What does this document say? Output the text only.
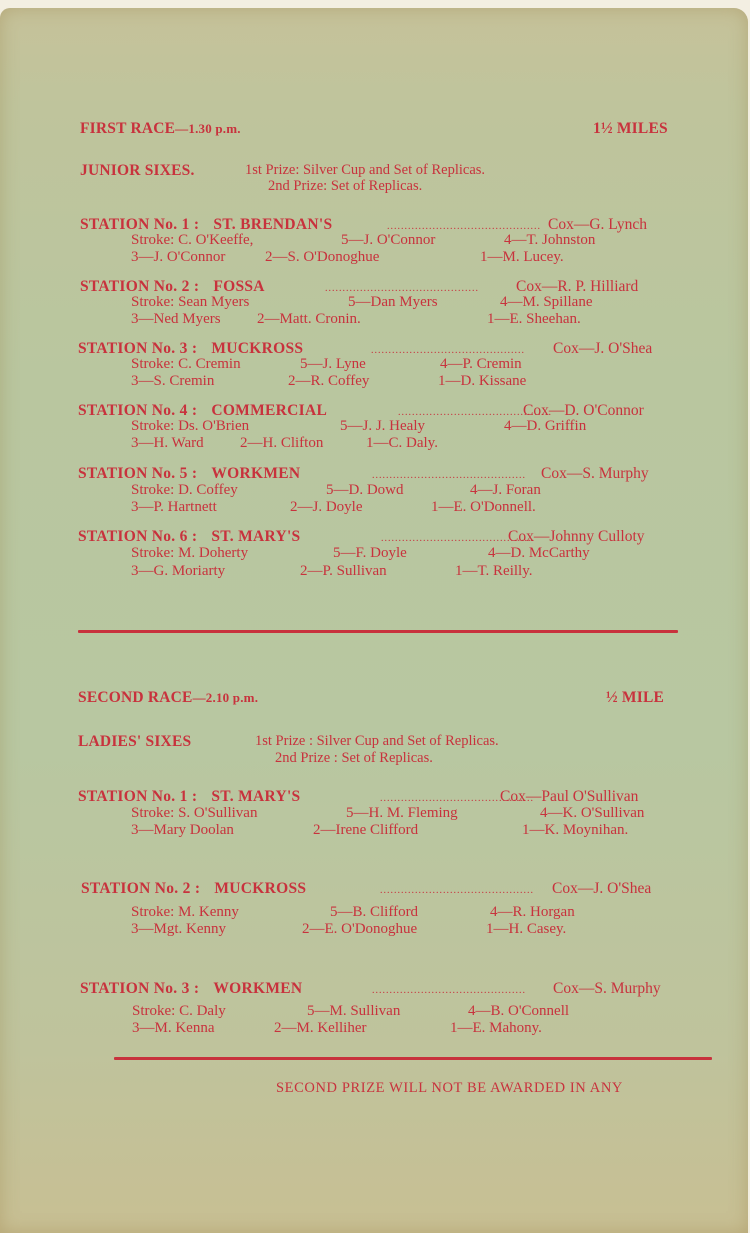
FIRST RACE—1.30 p.m.	1½ MILES
JUNIOR SIXES.	1st Prize: Silver Cup and Set of Replicas.
2nd Prize: Set of Replicas.
STATION No. 1 : ST. BRENDAN'S	............................................ Cox—G. Lynch
Stroke: C. O'Keeffe,	5—J. O'Connor	4—T. Johnston
3—J. O'Connor	2—S. O'Donoghue	1—M. Lucey.
STATION No. 2 : FOSSA	............................................ Cox—R. P. Hilliard
Stroke: Sean Myers	5—Dan Myers	4—M. Spillane
3—Ned Myers 2—Matt. Cronin.	1—E. Sheehan.
STATION No. 3 : MUCKROSS	............................................ Cox—J. O'Shea
Stroke: C. Cremin	5—J. Lyne	4—P. Cremin
3—S. Cremin	2—R. Coffey	1—D. Kissane
STATION No. 4 : COMMERCIAL	............................................
Cox—D. O'Connor
Stroke: Ds. O'Brien	5—J. J. Healy	4—D. Griffin
3—H. Ward 2—H. Clifton	1—C. Daly.
STATION No. 5 : WORKMEN	............................................ Cox—S. Murphy
Stroke: D. Coffey	5—D. Dowd	4—J. Foran
3—P. Hartnett	2—J. Doyle	1—E. O'Donnell.
STATION No. 6 : ST. MARY'S	............................................
Cox—Johnny Culloty
Stroke: M. Doherty	5—F. Doyle	4—D. McCarthy
3—G. Moriarty	2—P. Sullivan	1—T. Reilly.
SECOND RACE—2.10 p.m.	½ MILE
LADIES' SIXES	1st Prize : Silver Cup and Set of Replicas.
2nd Prize : Set of Replicas.
STATION No. 1 : ST. MARY'S	............................................
Cox—Paul O'Sullivan
Stroke: S. O'Sullivan	5—H. M. Fleming	4—K. O'Sullivan
3—Mary Doolan	2—Irene Clifford	1—K. Moynihan.
STATION No. 2 : MUCKROSS	............................................ Cox—J. O'Shea
Stroke: M. Kenny	5—B. Clifford	4—R. Horgan
3—Mgt. Kenny	2—E. O'Donoghue	1—H. Casey.
STATION No. 3 : WORKMEN	............................................ Cox—S. Murphy
Stroke: C. Daly	5—M. Sullivan	4—B. O'Connell
3—M. Kenna	2—M. Kelliher	1—E. Mahony.
SECOND PRIZE WILL NOT BE AWARDED IN ANY
